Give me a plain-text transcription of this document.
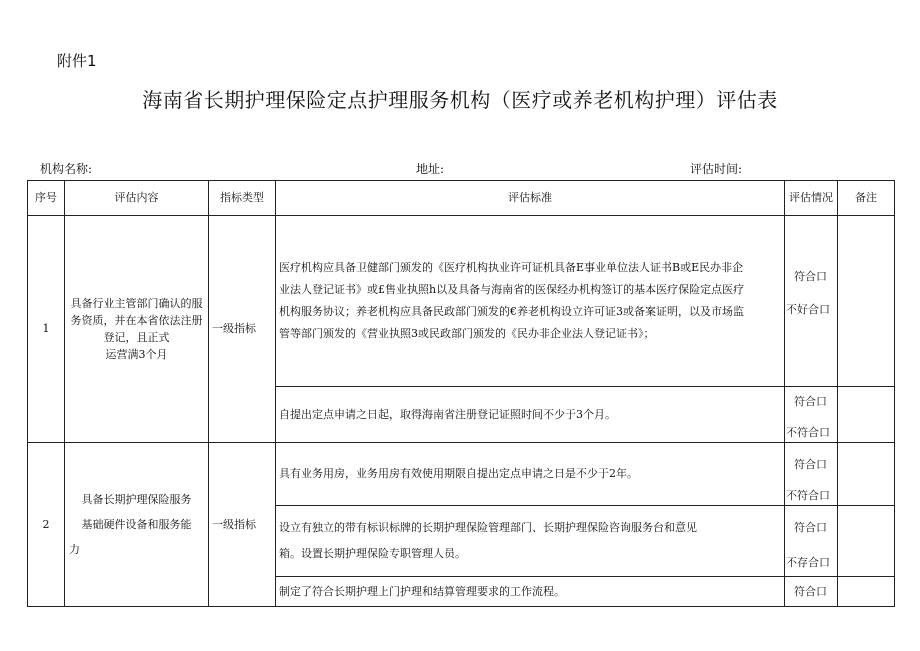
附件1
海南省长期护理保险定点护理服务机构（医疗或养老机构护理）评估表
机构名称:	地址:	评估时间:
序号	评估内容	指标类型	评估标准	评估情况	备注
1	具备行业主管部门确认的服
务资质，并在本省依法注册
登记，且正式
运营满3个月	一级指标	医疗机构应具备卫健部门颁发的《医疗机构执业许可证机具备E事业单位法人证书B或E民办非企
业法人登记证书》或£售业执照h以及具备与海南省的医保经办机构签订的基本医疗保险定点医疗
机构服务协议；养老机构应具备民政部门颁发的€养老机构设立许可证3或备案证明，以及市场监
管等部门颁发的《营业执照3或民政部门颁发的《民办非企业法人登记证书》；	符合口
不好合口	

			自提出定点申请之日起，取得海南省注册登记证照时间不少于3个月。	符合口
不符合口	

2	具备长期护理保险服务
基础硬件设备和服务能
力	一级指标	具有业务用房，业务用房有效使用期限自提出定点申请之日是不少于2年。	符合口
不符合口	

			设立有独立的带有标识标牌的长期护理保险管理部门、长期护理保险咨询服务台和意见
箱。设置长期护理保险专职管理人员。	符合口
不存合口	

			制定了符合长期护理上门护理和结算管理要求的工作流程。	符合口	
